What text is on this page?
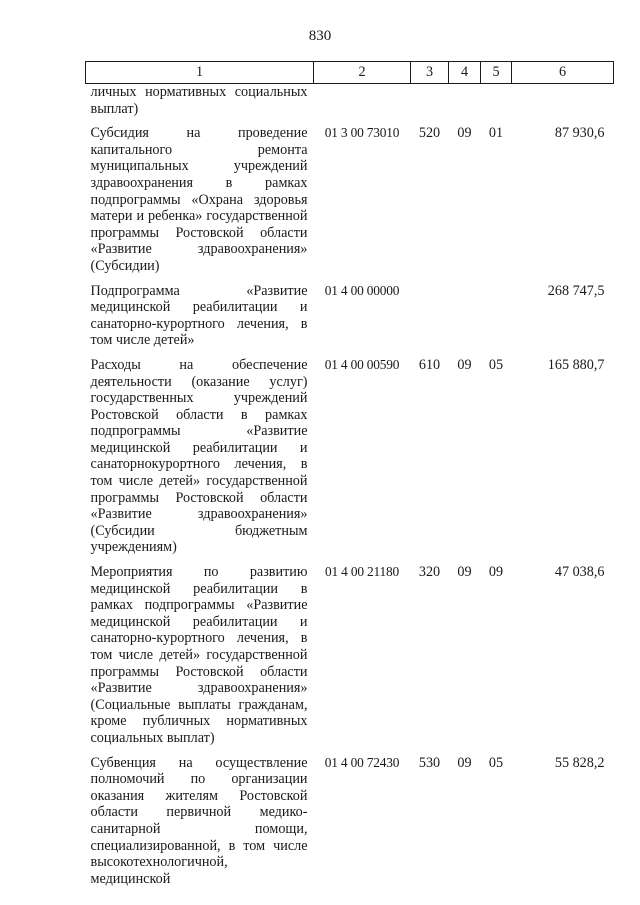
830
1	2	3	4	5	6
личных нормативных социальных выплат)					
Субсидия на проведение капитального ремонта муниципальных учреждений здравоохранения в рамках подпрограммы «Охрана здоровья матери и ребенка» государственной программы Ростовской области «Развитие здравоохранения» (Субсидии)	01 3 00 73010	520	09	01	87 930,6
Подпрограмма «Развитие медицинской реабилитации и санаторно-курортного лечения, в том числе детей»	01 4 00 00000				268 747,5
Расходы на обеспечение деятельности (оказание услуг) государственных учреждений Ростовской области в рамках подпрограммы «Развитие медицинской реабилитации и санаторнокурортного лечения, в том числе детей» государственной программы Ростовской области «Развитие здравоохранения» (Субсидии бюджетным учреждениям)	01 4 00 00590	610	09	05	165 880,7
Мероприятия по развитию медицинской реабилитации в рамках подпрограммы «Развитие медицинской реабилитации и санаторно-курортного лечения, в том числе детей» государственной программы Ростовской области «Развитие здравоохранения» (Социальные выплаты гражданам, кроме публичных нормативных социальных выплат)	01 4 00 21180	320	09	09	47 038,6
Субвенция на осуществление полномочий по организации оказания жителям Ростовской области первичной медико-санитарной помощи, специализированной, в том числе высокотехнологичной, медицинской	01 4 00 72430	530	09	05	55 828,2
